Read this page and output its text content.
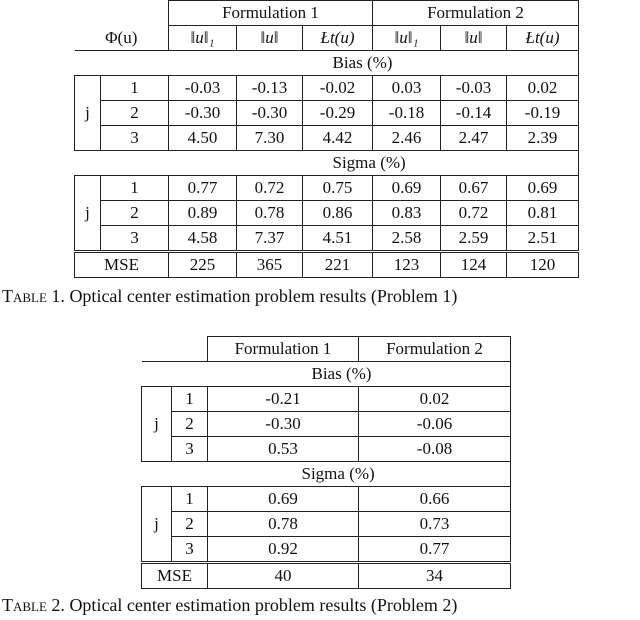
		Formulation 1			Formulation 2		
Φ(u)		‖u‖₁	‖u‖	Łt(u)	‖u‖₁	‖u‖	Łt(u)
Bias (%)							
j	1	-0.03	-0.13	-0.02	0.03	-0.03	0.02
	2	-0.30	-0.30	-0.29	-0.18	-0.14	-0.19
	3	4.50	7.30	4.42	2.46	2.47	2.39
Sigma (%)							
j	1	0.77	0.72	0.75	0.69	0.67	0.69
	2	0.89	0.78	0.86	0.83	0.72	0.81
	3	4.58	7.37	4.51	2.58	2.59	2.51
MSE		225	365	221	123	124	120
Table 1. Optical center estimation problem results (Problem 1)
		Formulation 1	Formulation 2
Bias (%)			
j	1	-0.21	0.02
	2	-0.30	-0.06
	3	0.53	-0.08
Sigma (%)			
j	1	0.69	0.66
	2	0.78	0.73
	3	0.92	0.77
MSE		40	34
Table 2. Optical center estimation problem results (Problem 2)
